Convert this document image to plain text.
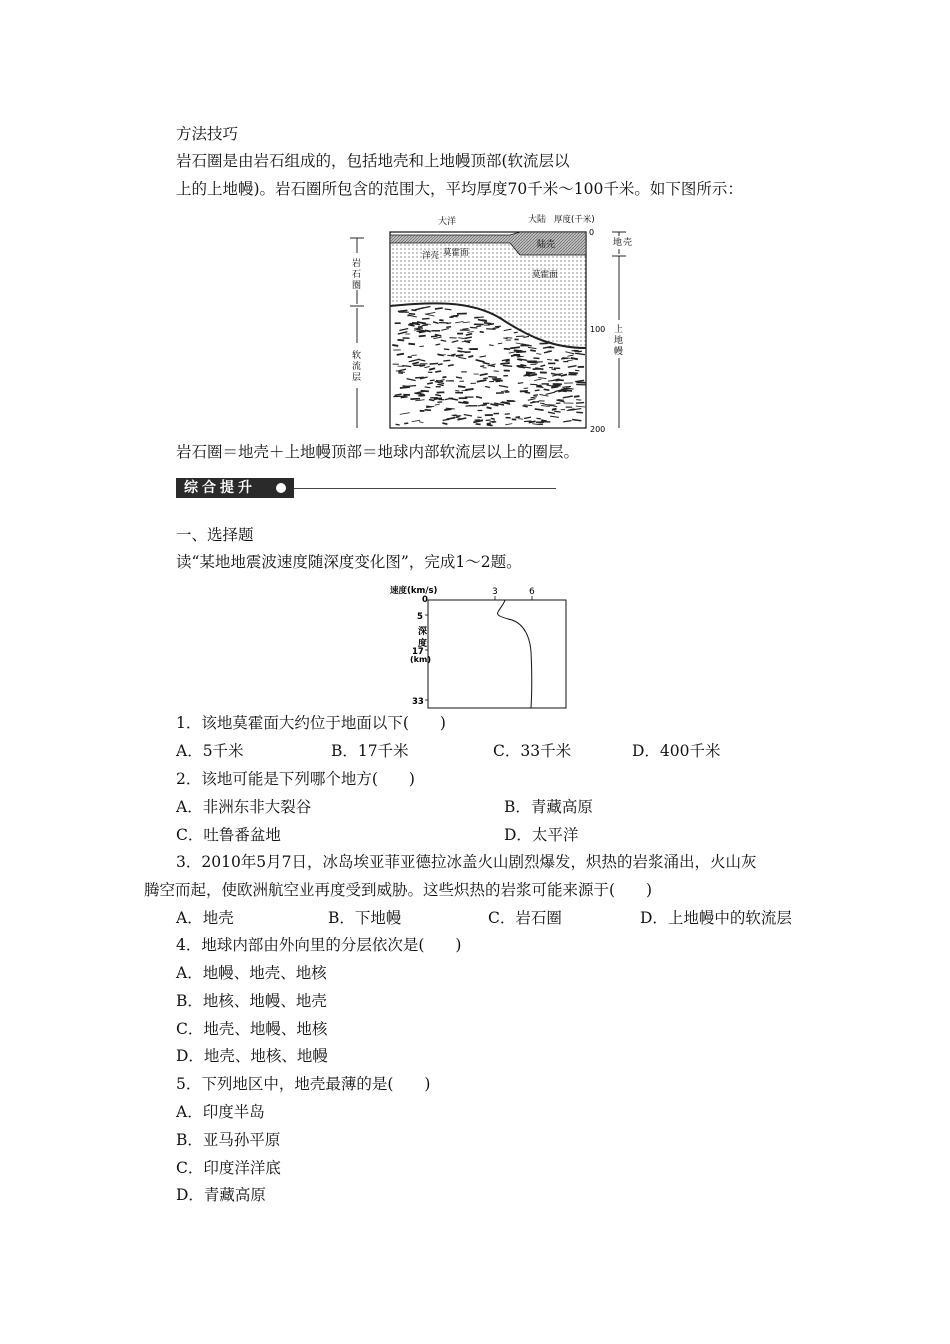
方法技巧
岩石圈是由岩石组成的，包括地壳和上地幔顶部(软流层以
上的上地幔)。岩石圈所包含的范围大，平均厚度70千米～100千米。如下图所示：
大洋	大陆 厚度(千米)
0
100
200
洋壳 莫霍面
陆壳
莫霍面
岩
石
圈
软
流
层
地 壳
上
地
幔
岩石圈＝地壳＋上地幔顶部＝地球内部软流层以上的圈层。
综合提升
一、选择题
读“某地地震波速度随深度变化图”，完成1～2题。
速度(km/s)
0
3	6
5
17
33
深
度
(km)
1．该地莫霍面大约位于地面以下(　　)
A．5千米	B．17千米	C．33千米	D．400千米
2．该地可能是下列哪个地方(　　)
A．非洲东非大裂谷	B．青藏高原
C．吐鲁番盆地	D．太平洋
3．2010年5月7日，冰岛埃亚菲亚德拉冰盖火山剧烈爆发，炽热的岩浆涌出，火山灰
腾空而起，使欧洲航空业再度受到威胁。这些炽热的岩浆可能来源于(　　)
A．地壳	B．下地幔	C．岩石圈	D．上地幔中的软流层
4．地球内部由外向里的分层依次是(　　)
A．地幔、地壳、地核
B．地核、地幔、地壳
C．地壳、地幔、地核
D．地壳、地核、地幔
5．下列地区中，地壳最薄的是(　　)
A．印度半岛
B．亚马孙平原
C．印度洋洋底
D．青藏高原
